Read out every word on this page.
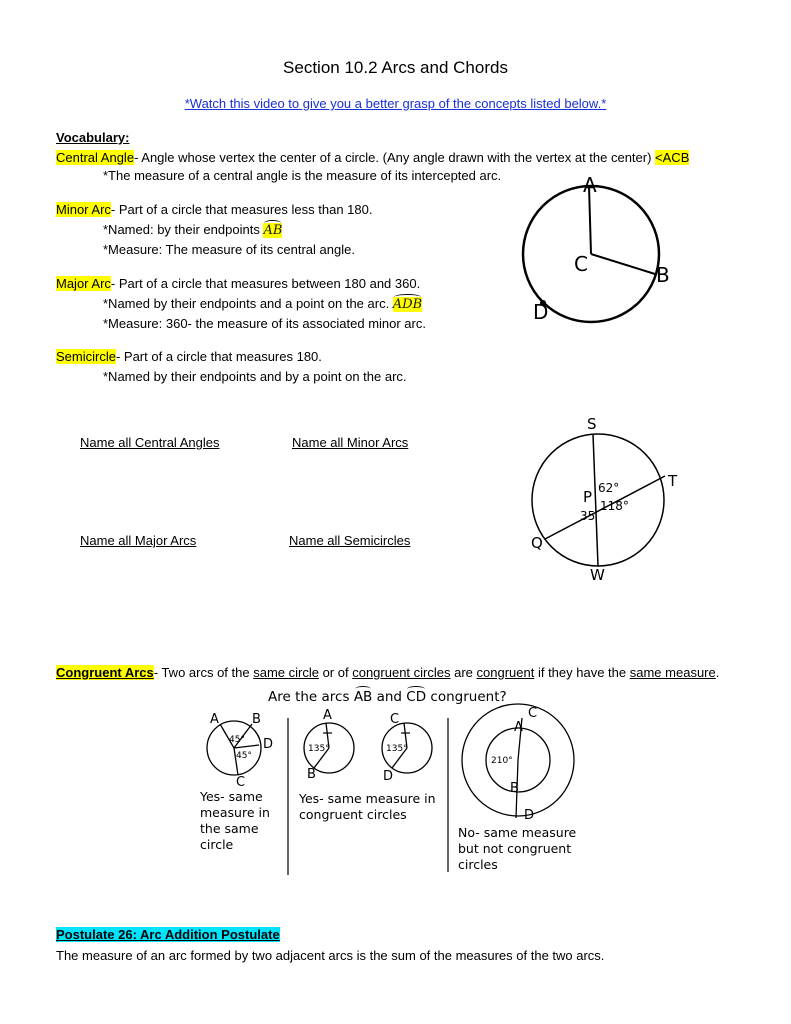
Section 10.2 Arcs and Chords
*Watch this video to give you a better grasp of the concepts listed below.*
Vocabulary:
Central Angle- Angle whose vertex the center of a circle. (Any angle drawn with the vertex at the center) <ACB
*The measure of a central angle is the measure of its intercepted arc.
Minor Arc- Part of a circle that measures less than 180.
*Named: by their endpoints AB
*Measure: The measure of its central angle.
Major Arc- Part of a circle that measures between 180 and 360.
*Named by their endpoints and a point on the arc. ADB
*Measure: 360- the measure of its associated minor arc.
Semicircle- Part of a circle that measures 180.
*Named by their endpoints and by a point on the arc.
A
B
C
D
Name all Central Angles	Name all Minor Arcs
Name all Major Arcs	Name all Semicircles
S
T
P
Q
W
62°
118°
35
Congruent Arcs- Two arcs of the same circle or of congruent circles are congruent if they have the same measure.
Are the arcs AB and CD congruent?
45°
45°
A	B
D
C
135°
A
B
135°
C
D
210°
A
B
C
D
Yes- same
measure in
the same
circle
Yes- same measure in
congruent circles
No- same measure
but not congruent
circles
Postulate 26: Arc Addition Postulate
The measure of an arc formed by two adjacent arcs is the sum of the measures of the two arcs.
